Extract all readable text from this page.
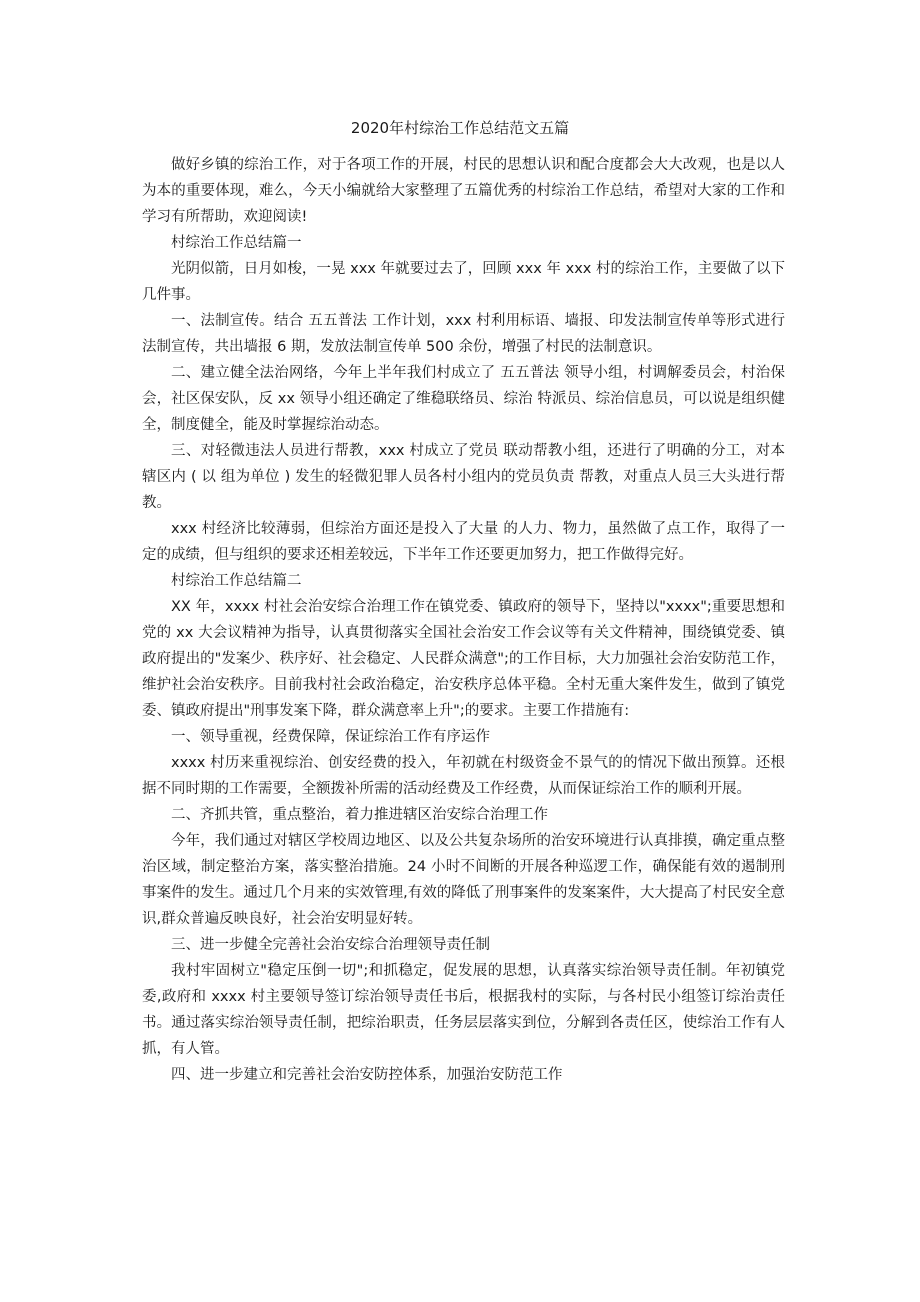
2020年村综治工作总结范文五篇

做好乡镇的综治工作，对于各项工作的开展，村民的思想认识和配合度都会大大改观，也是以人为本的重要体现，难么，今天小编就给大家整理了五篇优秀的村综治工作总结，希望对大家的工作和学习有所帮助，欢迎阅读!

村综治工作总结篇一

光阴似箭，日月如梭，一晃 xxx 年就要过去了，回顾 xxx 年 xxx 村的综治工作，主要做了以下几件事。

一、法制宣传。结合 五五普法 工作计划，xxx 村利用标语、墙报、印发法制宣传单等形式进行法制宣传，共出墙报 6 期，发放法制宣传单 500 余份，增强了村民的法制意识。

二、建立健全法治网络，今年上半年我们村成立了 五五普法 领导小组，村调解委员会，村治保会，社区保安队，反 xx 领导小组还确定了维稳联络员、综治 特派员、综治信息员，可以说是组织健全，制度健全，能及时掌握综治动态。

三、对轻微违法人员进行帮教，xxx 村成立了党员 联动帮教小组，还进行了明确的分工，对本辖区内 ( 以 组为单位 ) 发生的轻微犯罪人员各村小组内的党员负责 帮教，对重点人员三大头进行帮教。

xxx 村经济比较薄弱，但综治方面还是投入了大量 的人力、物力，虽然做了点工作，取得了一定的成绩，但与组织的要求还相差较远，下半年工作还要更加努力，把工作做得完好。

村综治工作总结篇二

XX 年，xxxx 村社会治安综合治理工作在镇党委、镇政府的领导下，坚持以"xxxx";重要思想和党的 xx 大会议精神为指导，认真贯彻落实全国社会治安工作会议等有关文件精神，围绕镇党委、镇政府提出的"发案少、秩序好、社会稳定、人民群众满意";的工作目标，大力加强社会治安防范工作，维护社会治安秩序。目前我村社会政治稳定，治安秩序总体平稳。全村无重大案件发生，做到了镇党委、镇政府提出"刑事发案下降，群众满意率上升";的要求。主要工作措施有:

一、领导重视，经费保障，保证综治工作有序运作

xxxx 村历来重视综治、创安经费的投入，年初就在村级资金不景气的的情况下做出预算。还根据不同时期的工作需要，全额拨补所需的活动经费及工作经费，从而保证综治工作的顺利开展。

二、齐抓共管，重点整治，着力推进辖区治安综合治理工作

今年，我们通过对辖区学校周边地区、以及公共复杂场所的治安环境进行认真排摸，确定重点整治区域，制定整治方案，落实整治措施。24 小时不间断的开展各种巡逻工作，确保能有效的遏制刑事案件的发生。通过几个月来的实效管理,有效的降低了刑事案件的发案案件，大大提高了村民安全意识,群众普遍反映良好，社会治安明显好转。

三、进一步健全完善社会治安综合治理领导责任制

我村牢固树立"稳定压倒一切";和抓稳定，促发展的思想，认真落实综治领导责任制。年初镇党委,政府和 xxxx 村主要领导签订综治领导责任书后，根据我村的实际，与各村民小组签订综治责任书。通过落实综治领导责任制，把综治职责，任务层层落实到位，分解到各责任区，使综治工作有人抓，有人管。

四、进一步建立和完善社会治安防控体系，加强治安防范工作
